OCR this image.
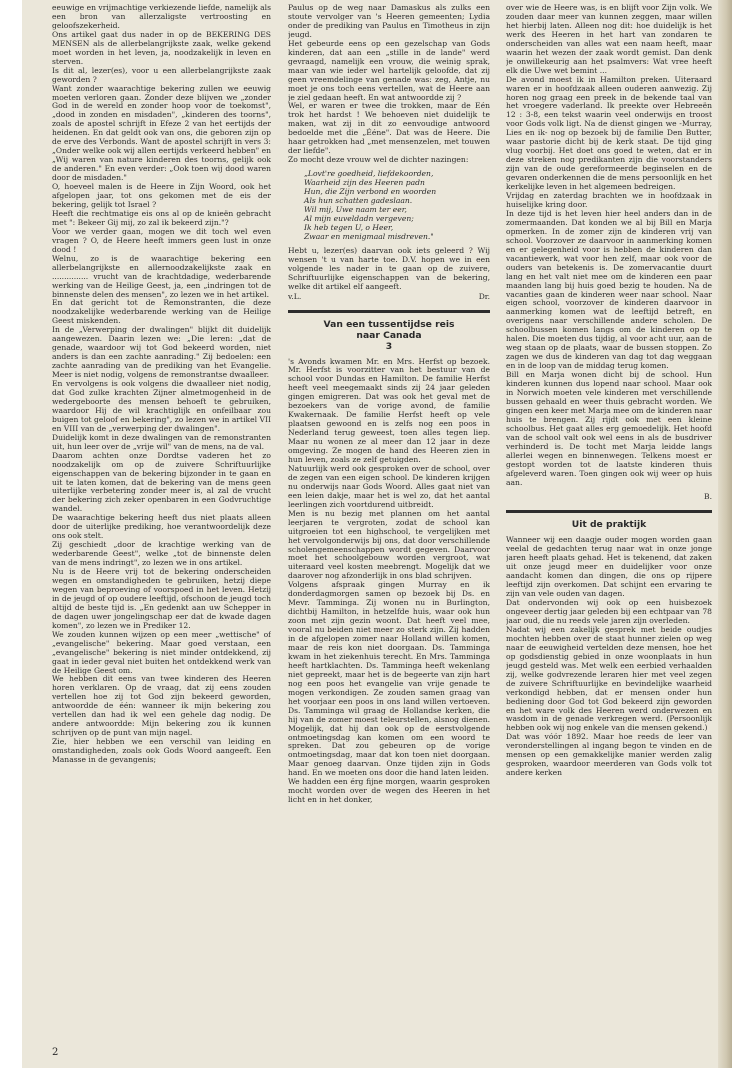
eeuwige en vrijmachtige verkiezende liefde, namelijk als een bron van allerzaligste vertroosting en geloofszekerheid.

Ons artikel gaat dus nader in op de BEKERING DES MENSEN als de allerbelangrijkste zaak, welke gekend moet worden in het leven, ja, noodzakelijk in leven en sterven.

Is dit al, lezer(es), voor u een allerbelangrijkste zaak geworden ?

Want zonder waarachtige bekering zullen we eeuwig moeten verloren gaan. Zonder deze blijven we „zonder God in de wereld en zonder hoop voor de toekomst", „dood in zonden en misdaden", „kinderen des toorns", zoals de apostel schrijft in Efeze 2 van het eertijds der heidenen. En dat geldt ook van ons, die geboren zijn op de erve des Verbonds. Want de apostel schrijft in vers 3: „Onder welke ook wij allen eertijds verkeerd hebben" en „Wij waren van nature kinderen des toorns, gelijk ook de anderen." En even verder: „Ook toen wij dood waren door de misdaden."

O, hoeveel malen is de Heere in Zijn Woord, ook het afgelopen jaar, tot ons gekomen met de eis der bekering, gelijk tot Israel ?

Heeft die rechtmatige eis ons al op de knieën gebracht met ": Bekeer Gij mij, zo zal ik bekeerd zijn."?

Voor we verder gaan, mogen we dit toch wel even vragen ? O, de Heere heeft immers geen lust in onze dood !

Welnu, zo is de waarachtige bekering een allerbelangrijkste en allernoodzakelijkste zaak en ............... vrucht van de krachtdadige, wederbarende werking van de Heilige Geest, ja, een „indringen tot de binnenste delen des mensen", zo lezen we in het artikel.

En dat gericht tot de Remonstranten, die deze noodzakelijke wederbarende werking van de Heilige Geest miskenden.

In de „Verwerping der dwalingen" blijkt dit duidelijk aangewezen. Daarin lezen we: „Die leren: „dat de genade, waardoor wij tot God bekeerd worden, niet anders is dan een zachte aanrading." Zij bedoelen: een zachte aanrading van de prediking van het Evangelie. Meer is niet nodig, volgens de remonstrantse dwaalleer.

En vervolgens is ook volgens die dwaalleer niet nodig, dat God zulke krachten Zijner almetmogenheid in de wedergeboorte des mensen behoeft te gebruiken, waardoor Hij de wil krachtiglijk en onfeilbaar zou buigen tot geloof en bekering", zo lezen we in artikel VII en VIII van de „verwerping der dwalingen".

Duidelijk komt in deze dwalingen van de remonstranten uit, hun leer over de „vrije wil" van de mens, na de val.

Daarom achten onze Dordtse vaderen het zo noodzakelijk om op de zuivere Schriftuurlijke eigenschappen van de bekering bijzonder in te gaan en uit te laten komen, dat de bekering van de mens geen uiterlijke verbetering zonder meer is, al zal de vrucht der bekering zich zeker openbaren in een Godvruchtige wandel.

De waarachtige bekering heeft dus niet plaats alleen door de uiterlijke prediking, hoe verantwoordelijk deze ons ook stelt.

Zij geschiedt „door de krachtige werking van de wederbarende Geest", welke „tot de binnenste delen van de mens indringt", zo lezen we in ons artikel.

Nu is de Heere vrij tot de bekering onderscheiden wegen en omstandigheden te gebruiken, hetzij diepe wegen van beproeving of voorspoed in het leven. Hetzij in de jeugd of op oudere leeftijd, ofschoon de jeugd toch altijd de beste tijd is. „En gedenkt aan uw Schepper in de dagen uwer jongelingschap eer dat de kwade dagen komen", zo lezen we in Prediker 12.

We zouden kunnen wijzen op een meer „wettische" of „evangelische" bekering. Maar goed verstaan, een „evangelische" bekering is niet minder ontdekkend, zij gaat in ieder geval niet buiten het ontdekkend werk van de Heilige Geest om.

We hebben dit eens van twee kinderen des Heeren horen verklaren. Op de vraag, dat zij eens zouden vertellen hoe zij tot God zijn bekeerd geworden, antwoordde de één: wanneer ik mijn bekering zou vertellen dan had ik wel een gehele dag nodig. De andere antwoordde: Mijn bekering zou ik kunnen schrijven op de punt van mijn nagel.

Zie, hier hebben we een verschil van leiding en omstandigheden, zoals ook Gods Woord aangeeft. Een Manasse in de gevangenis;

Paulus op de weg naar Damaskus als zulks een stoute vervolger van 's Heeren gemeenten; Lydia onder de prediking van Paulus en Timotheus in zijn jeugd.

Het gebeurde eens op een gezelschap van Gods kinderen, dat aan een „stille in de lande" werd gevraagd, namelijk een vrouw, die weinig sprak, maar van wie ieder wel hartelijk geloofde, dat zij geen vreemdelinge van genade was: zeg, Antje, nu moet je ons toch eens vertellen, wat de Heere aan je ziel gedaan heeft. En wat antwoordde zij ?

Wel, er waren er twee die trokken, maar de Eén trok het hardst ! We behoeven niet duidelijk te maken, wat zij in dit zo eenvoudige antwoord bedoelde met die „Ééne". Dat was de Heere. Die haar getrokken had „met mensenzelen, met touwen der liefde".

Zo mocht deze vrouw wel de dichter nazingen:

„Lovt're goedheid, liefdekoorden,
Waarheid zijn des Heeren padn
Hun, die Zijn verbond en woorden
Als hun schatten gadeslaan.
Wil mij, Uwe naam ter eer,
Al mijn euveldadn vergeven;
Ik heb tegen U, o Heer,
Zwaar en menigmaal misdreven."

Hebt u, lezer(es) daarvan ook iets geleerd ? Wij wensen 't u van harte toe. D.V. hopen we in een volgende les nader in te gaan op de zuivere, Schriftuurlijke eigenschappen van de bekering, welke dit artikel elf aangeeft.

v.L.	Dr.
Van een tussentijdse reis
naar Canada
3

's Avonds kwamen Mr. en Mrs. Herfst op bezoek. Mr. Herfst is voorzitter van het bestuur van de school voor Dundas en Hamilton. De familie Herfst heeft veel meegemaakt sinds zij 24 jaar geleden gingen emigreren. Dat was ook het geval met de bezoekers van de vorige avond, de familie Kwakernaak. De familie Herfst heeft op vele plaatsen gewoond en is zelfs nog een poos in Nederland terug geweest, toen alles tegen liep. Maar nu wonen ze al meer dan 12 jaar in deze omgeving. Ze mogen de hand des Heeren zien in hun leven, zoals ze zelf getuigden.

Natuurlijk werd ook gesproken over de school, over de zegen van een eigen school. De kinderen krijgen nu onderwijs naar Gods Woord. Alles gaat niet van een leien dakje, maar het is wel zo, dat het aantal leerlingen zich voortdurend uitbreidt.

Men is nu bezig met plannen om het aantal leerjaren te vergroten, zodat de school kan uitgroeien tot een highschool, te vergelijken met het vervolgonderwijs bij ons, dat door verschillende scholengemeenschappen wordt gegeven. Daarvoor moet het schoolgebouw worden vergroot, wat uiteraard veel kosten meebrengt. Mogelijk dat we daarover nog afzonderlijk in ons blad schrijven.

Volgens afspraak gingen Murray en ik donderdagmorgen samen op bezoek bij Ds. en Mevr. Tamminga. Zij wonen nu in Burlington, dichtbij Hamilton, in hetzelfde huis, waar ook hun zoon met zijn gezin woont. Dat heeft veel mee, vooral nu beiden niet meer zo sterk zijn. Zij hadden in de afgelopen zomer naar Holland willen komen, maar de reis kon niet doorgaan. Ds. Tamminga kwam in het ziekenhuis terecht. En Mrs. Tamminga heeft hartklachten. Ds. Tamminga heeft wekenlang niet gepreekt, maar het is de begeerte van zijn hart nog een poos het evangelie van vrije genade te mogen verkondigen. Ze zouden samen graag van het voorjaar een poos in ons land willen vertoeven. Ds. Tamminga wil graag de Hollandse kerken, die hij van de zomer moest teleurstellen, alsnog dienen. Mogelijk, dat hij dan ook op de eerstvolgende ontmoetingsdag kan komen om een woord te spreken. Dat zou gebeuren op de vorige ontmoetingsdag, maar dat kon toen niet doorgaan. Maar genoeg daarvan. Onze tijden zijn in Gods hand. En we moeten ons door die hand laten leiden.

We hadden een érg fijne morgen, waarin gesproken mocht worden over de wegen des Heeren in het licht en in het donker,

over wie de Heere was, is en blijft voor Zijn volk. We zouden daar meer van kunnen zeggen, maar willen het hierbij laten. Alleen nog dit: hoe duidelijk is het werk des Heeren in het hart van zondaren te onderscheiden van alles wat een naam heeft, maar waarin het wezen der zaak wordt gemist. Dan denk je onwillekeurig aan het psalmvers: Wat vree heeft elk die Uwe wet bemint ...

De avond moest ik in Hamilton preken. Uiteraard waren er in hoofdzaak alleen ouderen aanwezig. Zij horen nog graag een preek in de bekende taal van het vroegere vaderland. Ik preekte over Hebreeën 12 : 3-8, een tekst waarin veel onderwijs en troost voor Gods volk ligt. Na de dienst gingen we -Murray, Lies en ik- nog op bezoek bij de familie Den Butter, waar pastorie dicht bij de kerk staat. De tijd ging vlug voorbij. Het doet ons goed te weten, dat er in deze streken nog predikanten zijn die voorstanders zijn van de oude gereformeerde beginselen en de gevaren onderkennen die de mens persoonlijk en het kerkelijke leven in het algemeen bedreigen.

Vrijdag en zaterdag brachten we in hoofdzaak in huiselijke kring door.

In deze tijd is het leven hier heel anders dan in de zomermaanden. Dat konden we al bij Bill en Marja opmerken. In de zomer zijn de kinderen vrij van school. Voorzover ze daarvoor in aanmerking komen en er gelegenheid voor is hebben de kinderen dan vacantiewerk, wat voor hen zelf, maar ook voor de ouders van betekenis is. De zomervacantie duurt lang en het valt niet mee om de kinderen een paar maanden lang bij huis goed bezig te houden. Na de vacanties gaan de kinderen weer naar school. Naar eigen school, voorzover de kinderen daarvoor in aanmerking komen wat de leeftijd betreft, en overigens naar verschillende andere scholen. De schoolbussen komen langs om de kinderen op te halen. Die moeten dus tijdig, al voor acht uur, aan de weg staan op de plaats, waar de bussen stoppen. Zo zagen we dus de kinderen van dag tot dag weggaan en in de loop van de middag terug komen.

Bill en Marja wonen dicht bij de school. Hun kinderen kunnen dus lopend naar school. Maar ook in Norwich moeten vele kinderen met verschillende bussen gehaald en weer thuis gebracht worden. We gingen een keer met Marja mee om de kinderen naar huis te brengen. Zij rijdt ook met een kleine schoolbus. Het gaat alles erg gemoedelijk. Het hoofd van de school valt ook wel eens in als de busdriver verhinderd is. De tocht met Marja leidde langs allerlei wegen en binnenwegen. Telkens moest er gestopt worden tot de laatste kinderen thuis afgeleverd waren. Toen gingen ook wij weer op huis aan.

B.
Uit de praktijk

Wanneer wij een daagje ouder mogen worden gaan veelal de gedachten terug naar wat in onze jonge jaren heeft plaats gehad. Het is tekenend, dat zaken uit onze jeugd meer en duidelijker voor onze aandacht komen dan dingen, die ons op rijpere leeftijd zijn overkomen. Dat schijnt een ervaring te zijn van vele ouden van dagen.

Dat ondervonden wij ook op een huisbezoek ongeveer dertig jaar geleden bij een echtpaar van 78 jaar oud, die nu reeds vele jaren zijn overleden.

Nadat wij een zakelijk gesprek met beide oudjes mochten hebben over de staat hunner zielen op weg naar de eeuwigheid vertelden deze mensen, hoe het op godsdienstig gebied in onze woonplaats in hun jeugd gesteld was. Met welk een eerbied verhaalden zij, welke godvrezende leraren hier met veel zegen de zuivere Schriftuurlijke en bevindelijke waarheid verkondigd hebben, dat er mensen onder hun bediening door God tot God bekeerd zijn geworden en het ware volk des Heeren werd onderwezen en wasdom in de genade verkregen werd. (Persoonlijk hebben ook wij nog enkele van die mensen gekend.)

Dat was vóór 1892. Maar hoe reeds de leer van veronderstellingen al ingang begon te vinden en de mensen op een gemakkelijke manier werden zalig gesproken, waardoor meerderen van Gods volk tot andere kerken

2
